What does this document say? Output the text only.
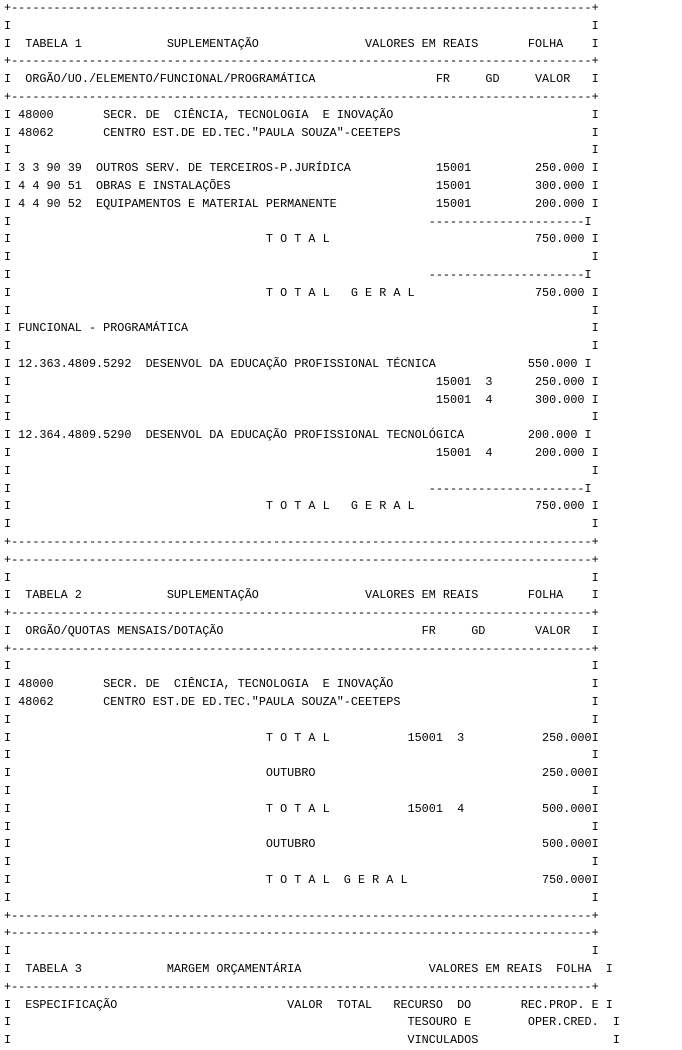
+----------------------------------------------------------------------------------+
I                                                                                  I
I  TABELA 1            SUPLEMENTAÇÃO               VALORES EM REAIS       FOLHA    I
+----------------------------------------------------------------------------------+
I  ORGÃO/UO./ELEMENTO/FUNCIONAL/PROGRAMÁTICA                 FR     GD     VALOR   I
+----------------------------------------------------------------------------------+
I 48000       SECR. DE  CIÊNCIA, TECNOLOGIA  E INOVAÇÃO                            I
I 48062       CENTRO EST.DE ED.TEC."PAULA SOUZA"-CEETEPS                           I
I                                                                                  I
I 3 3 90 39  OUTROS SERV. DE TERCEIROS-P.JURÍDICA            15001         250.000 I
I 4 4 90 51  OBRAS E INSTALAÇÕES                             15001         300.000 I
I 4 4 90 52  EQUIPAMENTOS E MATERIAL PERMANENTE              15001         200.000 I
I                                                           ----------------------I
I                                    T O T A L                             750.000 I
I                                                                                  I
I                                                           ----------------------I
I                                    T O T A L   G E R A L                 750.000 I
I                                                                                  I
I FUNCIONAL - PROGRAMÁTICA                                                         I
I                                                                                  I
I 12.363.4809.5292  DESENVOL DA EDUCAÇÃO PROFISSIONAL TÉCNICA             550.000 I
I                                                            15001  3      250.000 I
I                                                            15001  4      300.000 I
I                                                                                  I
I 12.364.4809.5290  DESENVOL DA EDUCAÇÃO PROFISSIONAL TECNOLÓGICA         200.000 I
I                                                            15001  4      200.000 I
I                                                                                  I
I                                                           ----------------------I
I                                    T O T A L   G E R A L                 750.000 I
I                                                                                  I
+----------------------------------------------------------------------------------+
+----------------------------------------------------------------------------------+
I                                                                                  I
I  TABELA 2            SUPLEMENTAÇÃO               VALORES EM REAIS       FOLHA    I
+----------------------------------------------------------------------------------+
I  ORGÃO/QUOTAS MENSAIS/DOTAÇÃO                            FR     GD       VALOR   I
+----------------------------------------------------------------------------------+
I                                                                                  I
I 48000       SECR. DE  CIÊNCIA, TECNOLOGIA  E INOVAÇÃO                            I
I 48062       CENTRO EST.DE ED.TEC."PAULA SOUZA"-CEETEPS                           I
I                                                                                  I
I                                    T O T A L           15001  3           250.000I
I                                                                                  I
I                                    OUTUBRO                                250.000I
I                                                                                  I
I                                    T O T A L           15001  4           500.000I
I                                                                                  I
I                                    OUTUBRO                                500.000I
I                                                                                  I
I                                    T O T A L  G E R A L                   750.000I
I                                                                                  I
+----------------------------------------------------------------------------------+
+----------------------------------------------------------------------------------+
I                                                                                  I
I  TABELA 3            MARGEM ORÇAMENTÁRIA                  VALORES EM REAIS  FOLHA  I
+----------------------------------------------------------------------------------+
I  ESPECIFICAÇÃO                        VALOR  TOTAL   RECURSO  DO       REC.PROP. E I
I                                                        TESOURO E        OPER.CRED.  I
I                                                        VINCULADOS                   I
